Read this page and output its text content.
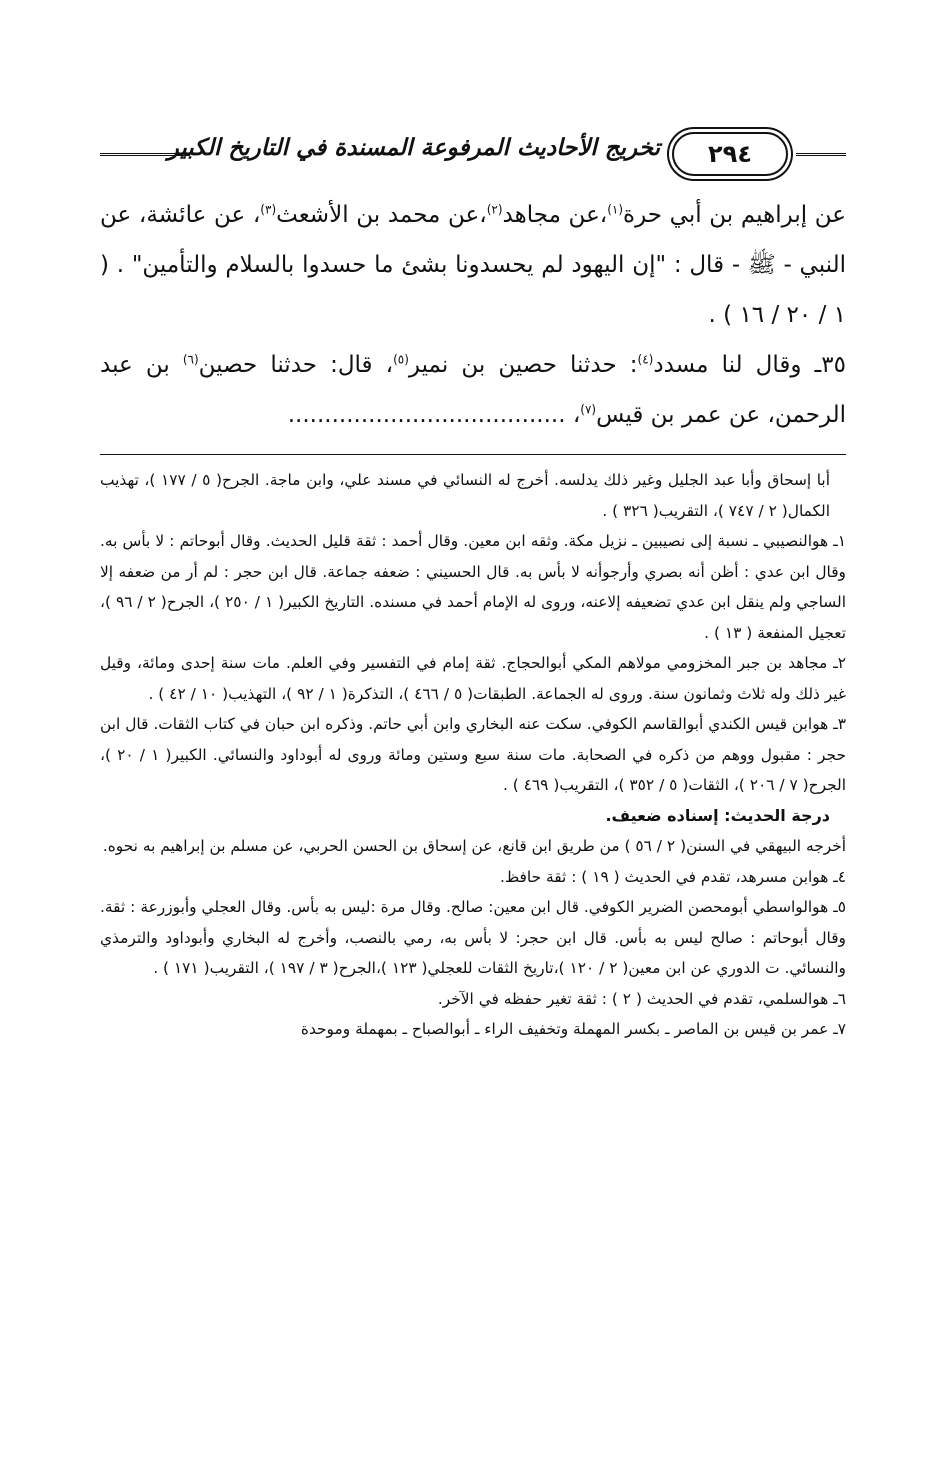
٢٩٤
تخريج الأحاديث المرفوعة المسندة في التاريخ الكبير

عن إبراهيم بن أبي حرة$^{(١)}$،عن مجاهد$^{(٢)}$،عن محمد بن الأشعث$^{(٣)}$، عن عائشة، عن النبي - ﷺ - قال : "إن اليهود لم يحسدونا بشئ ما حسدوا بالسلام والتأمين" . ( ١ / ٢٠ / ١٦ ) .

٣٥ـ وقال لنا مسدد$^{(٤)}$: حدثنا حصين بن نمير$^{(٥)}$، قال: حدثنا حصين$^{(٦)}$ بن عبد الرحمن، عن عمر بن قيس$^{(٧)}$، ......................................

أبا إسحاق وأبا عبد الجليل وغير ذلك يدلسه. أخرج له النسائي في مسند علي، وابن ماجة. الجرح( ٥ / ١٧٧ )، تهذيب الكمال( ٢ / ٧٤٧ )، التقريب( ٣٢٦ ) .

١ـ هوالنصيبي ـ نسبة إلى نصيبين ـ نزيل مكة. وثقه ابن معين. وقال أحمد : ثقة قليل الحديث. وقال أبوحاتم : لا بأس به. وقال ابن عدي : أظن أنه بصري وأرجوأنه لا بأس به. قال الحسيني : ضعفه جماعة. قال ابن حجر : لم أر من ضعفه إلا الساجي ولم ينقل ابن عدي تضعيفه إلاعنه، وروى له الإمام أحمد في مسنده. التاريخ الكبير( ١ / ٢٥٠ )، الجرح( ٢ / ٩٦ )، تعجيل المنفعة ( ١٣ ) .

٢ـ مجاهد بن جبر المخزومي مولاهم المكي أبوالحجاج. ثقة إمام في التفسير وفي العلم. مات سنة إحدى ومائة، وقيل غير ذلك وله ثلاث وثمانون سنة. وروى له الجماعة. الطبقات( ٥ / ٤٦٦ )، التذكرة( ١ / ٩٢ )، التهذيب( ١٠ / ٤٢ ) .

٣ـ هوابن قيس الكندي أبوالقاسم الكوفي. سكت عنه البخاري وابن أبي حاتم. وذكره ابن حبان في كتاب الثقات. قال ابن حجر : مقبول ووهم من ذكره في الصحابة. مات سنة سبع وستين ومائة وروى له أبوداود والنسائي. الكبير( ١ / ٢٠ )، الجرح( ٧ / ٢٠٦ )، الثقات( ٥ / ٣٥٢ )، التقريب( ٤٦٩ ) .

درجة الحديث: إسناده ضعيف.

أخرجه البيهقي في السنن( ٢ / ٥٦ ) من طريق ابن قانع، عن إسحاق بن الحسن الحربي، عن مسلم بن إبراهيم به نحوه.

٤ـ هوابن مسرهد، تقدم في الحديث ( ١٩ ) : ثقة حافظ.

٥ـ هوالواسطي أبومحصن الضرير الكوفي. قال ابن معين: صالح. وقال مرة :ليس به بأس. وقال العجلي وأبوزرعة : ثقة. وقال أبوحاتم : صالح ليس به بأس. قال ابن حجر: لا بأس به، رمي بالنصب، وأخرج له البخاري وأبوداود والترمذي والنسائي. ت الدوري عن ابن معين( ٢ / ١٢٠ )،تاريخ الثقات للعجلي( ١٢٣ )،الجرح( ٣ / ١٩٧ )، التقريب( ١٧١ ) .

٦ـ هوالسلمي، تقدم في الحديث ( ٢ ) : ثقة تغير حفظه في الآخر.

٧ـ عمر بن قيس بن الماصر ـ بكسر المهملة وتخفيف الراء ـ أبوالصباح ـ بمهملة وموحدة
